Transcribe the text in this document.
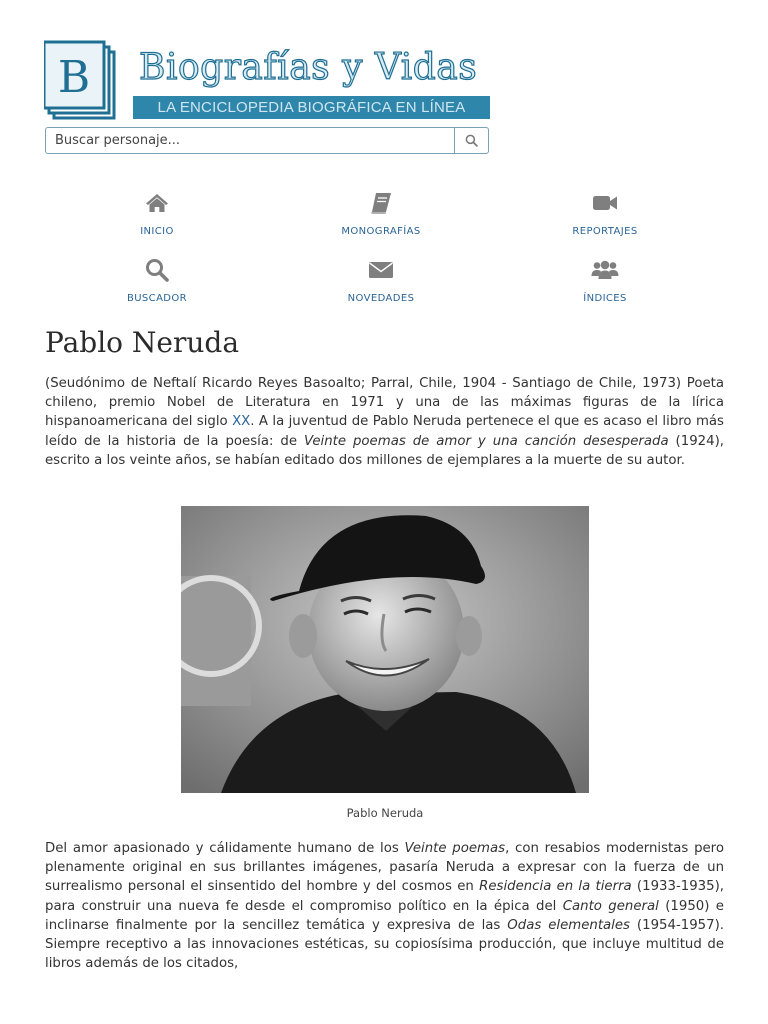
B Biografías y Vidas
LA ENCICLOPEDIA BIOGRÁFICA EN LÍNEA
Buscar personaje...
INICIO	MONOGRAFÍAS	REPORTAJES
BUSCADOR	NOVEDADES	ÍNDICES
Pablo Neruda

(Seudónimo de Neftalí Ricardo Reyes Basoalto; Parral, Chile, 1904 - Santiago de Chile, 1973) Poeta chileno, premio Nobel de Literatura en 1971 y una de las máximas figuras de la lírica hispanoamericana del siglo XX. A la juventud de Pablo Neruda pertenece el que es acaso el libro más leído de la historia de la poesía: de Veinte poemas de amor y una canción desesperada (1924), escrito a los veinte años, se habían editado dos millones de ejemplares a la muerte de su autor.

Pablo Neruda

Del amor apasionado y cálidamente humano de los Veinte poemas, con resabios modernistas pero plenamente original en sus brillantes imágenes, pasaría Neruda a expresar con la fuerza de un surrealismo personal el sinsentido del hombre y del cosmos en Residencia en la tierra (1933-1935), para construir una nueva fe desde el compromiso político en la épica del Canto general (1950) e inclinarse finalmente por la sencillez temática y expresiva de las Odas elementales (1954-1957). Siempre receptivo a las innovaciones estéticas, su copiosísima producción, que incluye multitud de libros además de los citados,
